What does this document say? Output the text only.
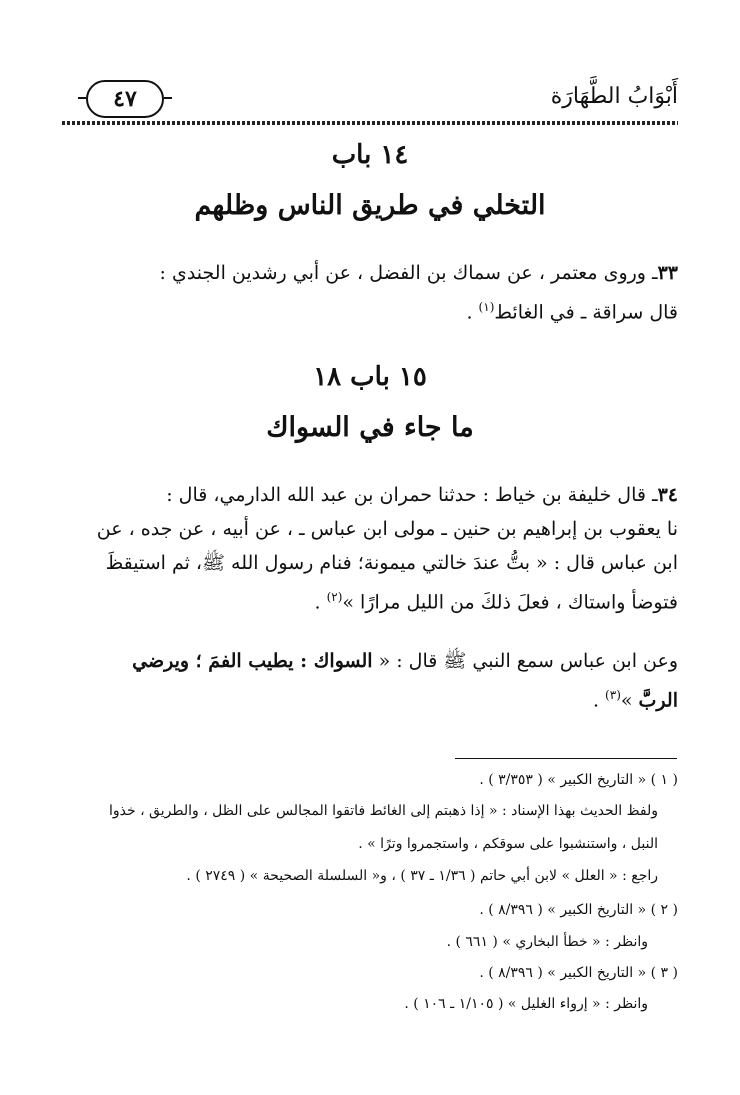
أَبْوَابُ الطَّهَارَة
٤٧
١٤ باب
التخلي في طريق الناس وظلهم
٣٣ـ وروى معتمر ، عن سماك بن الفضل ، عن أبي رشدين الجندي :
قال سراقة ـ في الغائط$^{(١)}$ .
١٥ باب ١٨
ما جاء في السواك
٣٤ـ قال خليفة بن خياط : حدثنا حمران بن عبد الله الدارمي، قال :
نا يعقوب بن إبراهيم بن حنين ـ مولى ابن عباس ـ ، عن أبيه ، عن جده ، عن
ابن عباس قال : « بتُّ عندَ خالتي ميمونة؛ فنام رسول الله ﷺ، ثم استيقظَ
فتوضأ واستاك ، فعلَ ذلكَ من الليل مرارًا »$^{(٢)}$ .
وعن ابن عباس سمع النبي ﷺ قال : « السواك : يطيب الفمَ ؛ ويرضي
الربَّ »$^{(٣)}$ .
( ١ ) « التاريخ الكبير » ( ٣/٣٥٣ ) .
ولفظ الحديث بهذا الإسناد : « إذا ذهبتم إلى الغائط فاتقوا المجالس على الظل ، والطريق ، خذوا
النبل ، واستنشبوا على سوقكم ، واستجمروا وترًا » .
راجع : « العلل » لابن أبي حاتم ( ١/٣٦ ـ ٣٧ ) ، و« السلسلة الصحيحة » ( ٢٧٤٩ ) .
( ٢ ) « التاريخ الكبير » ( ٨/٣٩٦ ) .
وانظر : « خطأ البخاري » ( ٦٦١ ) .
( ٣ ) « التاريخ الكبير » ( ٨/٣٩٦ ) .
وانظر : « إرواء الغليل » ( ١/١٠٥ ـ ١٠٦ ) .
